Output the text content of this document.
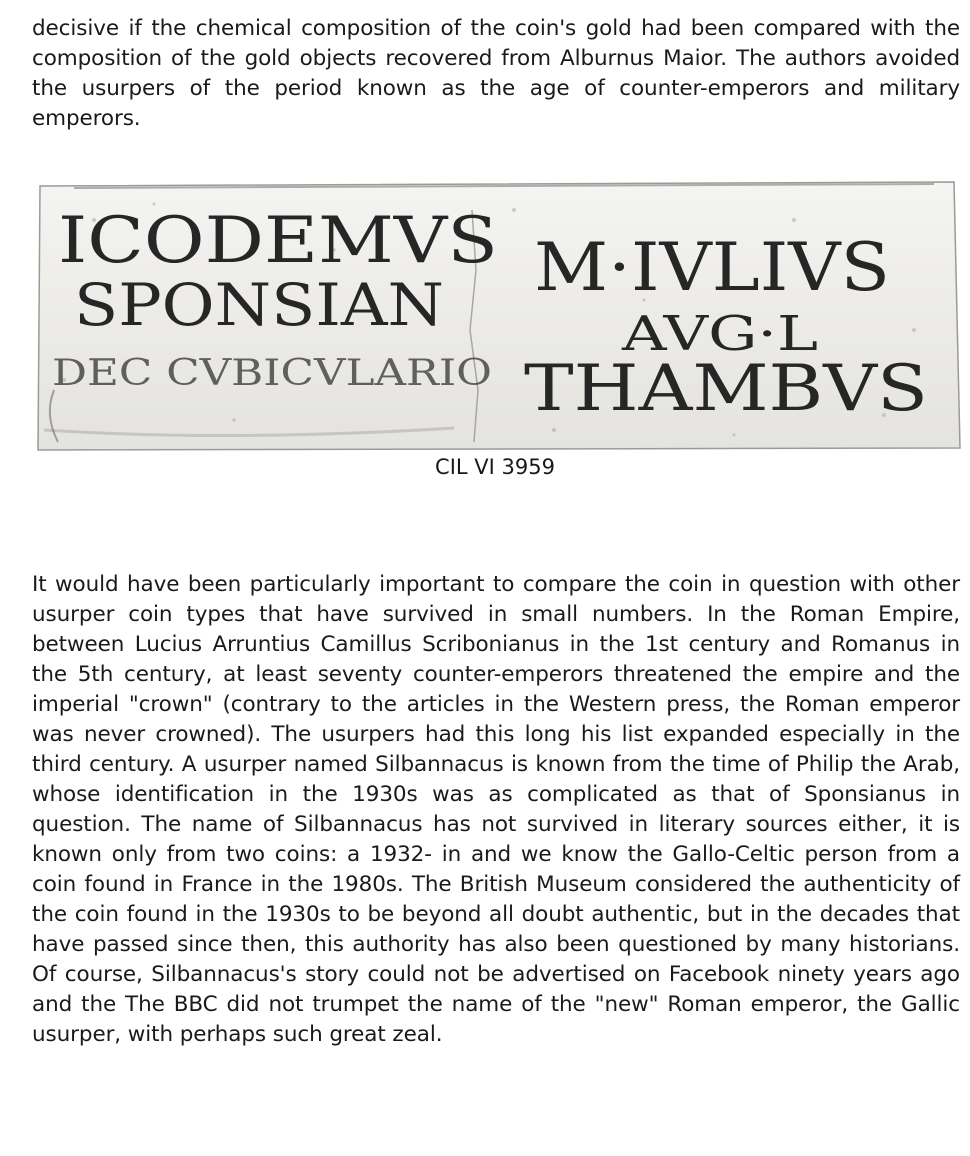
decisive if the chemical composition of the coin's gold had been compared with the composition of the gold objects recovered from Alburnus Maior. The authors avoided the usurpers of the period known as the age of counter-emperors and military emperors.

ICODEMVS
SPONSIAN
DEC CVBICVLARIO
M·IVLIVS
AVG·L
THAMBVS
CIL VI 3959

It would have been particularly important to compare the coin in question with other usurper coin types that have survived in small numbers. In the Roman Empire, between Lucius Arruntius Camillus Scribonianus in the 1st century and Romanus in the 5th century, at least seventy counter-emperors threatened the empire and the imperial "crown" (contrary to the articles in the Western press, the Roman emperor was never crowned). The usurpers had this long his list expanded especially in the third century. A usurper named Silbannacus is known from the time of Philip the Arab, whose identification in the 1930s was as complicated as that of Sponsianus in question. The name of Silbannacus has not survived in literary sources either, it is known only from two coins: a 1932- in and we know the Gallo-Celtic person from a coin found in France in the 1980s. The British Museum considered the authenticity of the coin found in the 1930s to be beyond all doubt authentic, but in the decades that have passed since then, this authority has also been questioned by many historians. Of course, Silbannacus's story could not be advertised on Facebook ninety years ago and the The BBC did not trumpet the name of the "new" Roman emperor, the Gallic usurper, with perhaps such great zeal.
